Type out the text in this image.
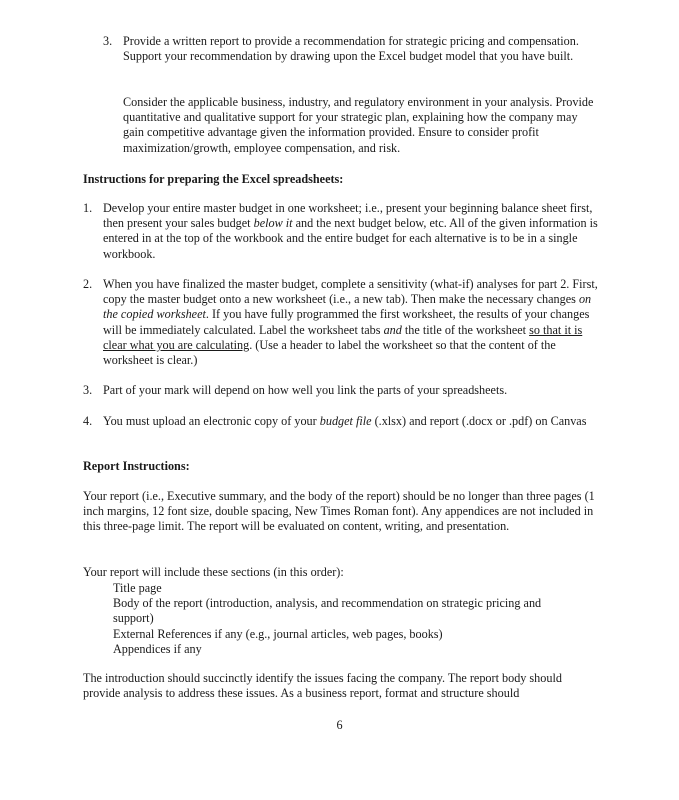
3. Provide a written report to provide a recommendation for strategic pricing and compensation. Support your recommendation by drawing upon the Excel budget model that you have built.
Consider the applicable business, industry, and regulatory environment in your analysis. Provide quantitative and qualitative support for your strategic plan, explaining how the company may gain competitive advantage given the information provided. Ensure to consider profit maximization/growth, employee compensation, and risk.
Instructions for preparing the Excel spreadsheets:
1. Develop your entire master budget in one worksheet; i.e., present your beginning balance sheet first, then present your sales budget below it and the next budget below, etc. All of the given information is entered in at the top of the workbook and the entire budget for each alternative is to be in a single workbook.
2. When you have finalized the master budget, complete a sensitivity (what-if) analyses for part 2. First, copy the master budget onto a new worksheet (i.e., a new tab). Then make the necessary changes on the copied worksheet. If you have fully programmed the first worksheet, the results of your changes will be immediately calculated. Label the worksheet tabs and the title of the worksheet so that it is clear what you are calculating. (Use a header to label the worksheet so that the content of the worksheet is clear.)
3. Part of your mark will depend on how well you link the parts of your spreadsheets.
4. You must upload an electronic copy of your budget file (.xlsx) and report (.docx or .pdf) on Canvas
Report Instructions:
Your report (i.e., Executive summary, and the body of the report) should be no longer than three pages (1 inch margins, 12 font size, double spacing, New Times Roman font). Any appendices are not included in this three-page limit. The report will be evaluated on content, writing, and presentation.
Your report will include these sections (in this order):
Title page
Body of the report (introduction, analysis, and recommendation on strategic pricing and support)
External References if any (e.g., journal articles, web pages, books)
Appendices if any
The introduction should succinctly identify the issues facing the company. The report body should provide analysis to address these issues. As a business report, format and structure should
6
